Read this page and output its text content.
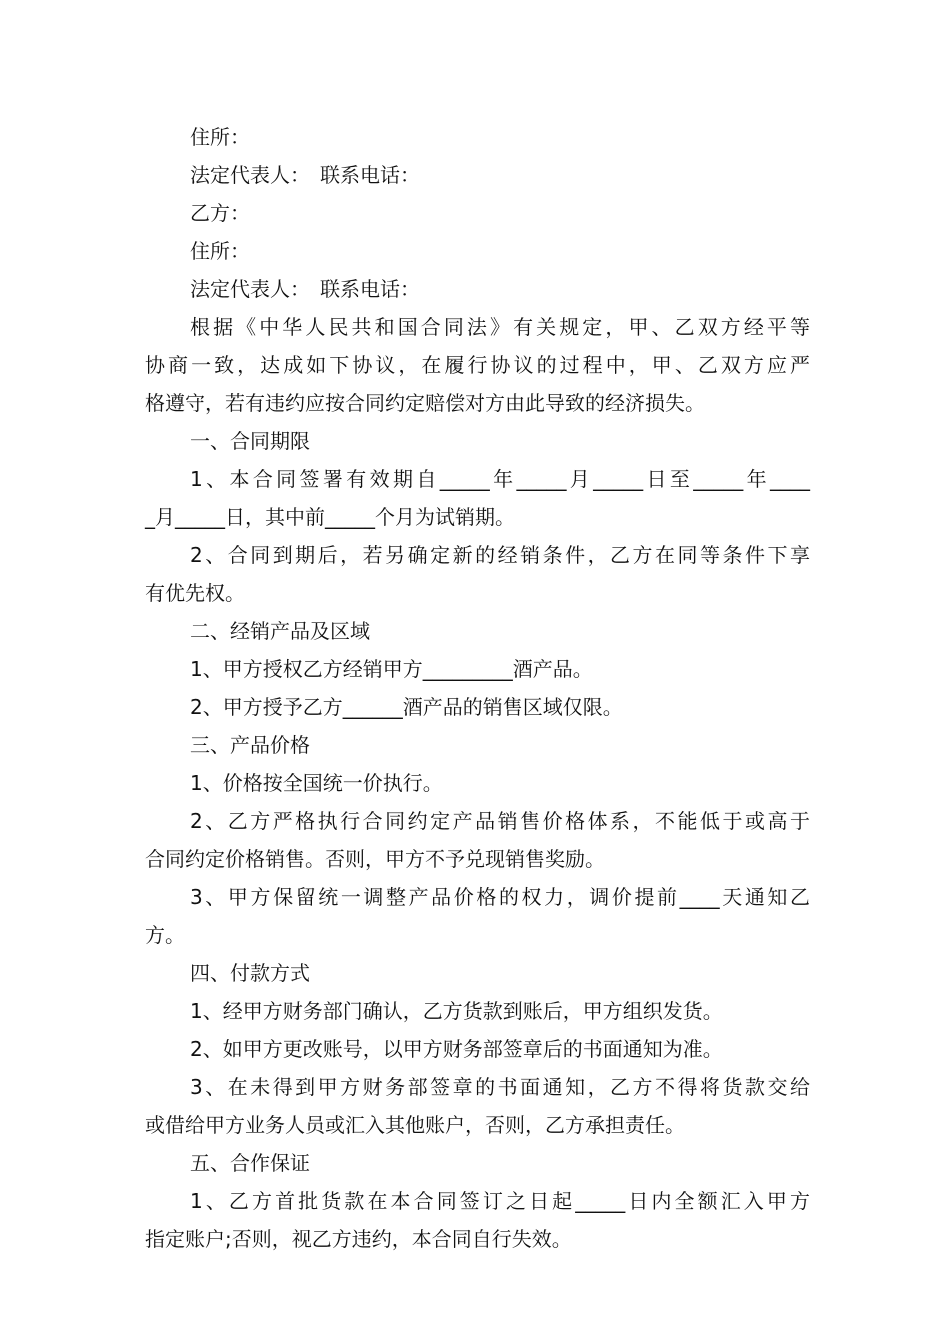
住所：
法定代表人：　联系电话：
乙方：
住所：
法定代表人：　联系电话：
根据《中华人民共和国合同法》有关规定，甲、乙双方经平等
协商一致，达成如下协议，在履行协议的过程中，甲、乙双方应严
格遵守，若有违约应按合同约定赔偿对方由此导致的经济损失。
一、合同期限
1、本合同签署有效期自_____年_____月_____日至_____年____
_月_____日，其中前_____个月为试销期。
2、合同到期后，若另确定新的经销条件，乙方在同等条件下享
有优先权。
二、经销产品及区域
1、甲方授权乙方经销甲方_________酒产品。
2、甲方授予乙方______酒产品的销售区域仅限。
三、产品价格
1、价格按全国统一价执行。
2、乙方严格执行合同约定产品销售价格体系，不能低于或高于
合同约定价格销售。否则，甲方不予兑现销售奖励。
3、甲方保留统一调整产品价格的权力，调价提前____天通知乙
方。
四、付款方式
1、经甲方财务部门确认，乙方货款到账后，甲方组织发货。
2、如甲方更改账号，以甲方财务部签章后的书面通知为准。
3、在未得到甲方财务部签章的书面通知，乙方不得将货款交给
或借给甲方业务人员或汇入其他账户，否则，乙方承担责任。
五、合作保证
1、乙方首批货款在本合同签订之日起_____日内全额汇入甲方
指定账户;否则，视乙方违约，本合同自行失效。
